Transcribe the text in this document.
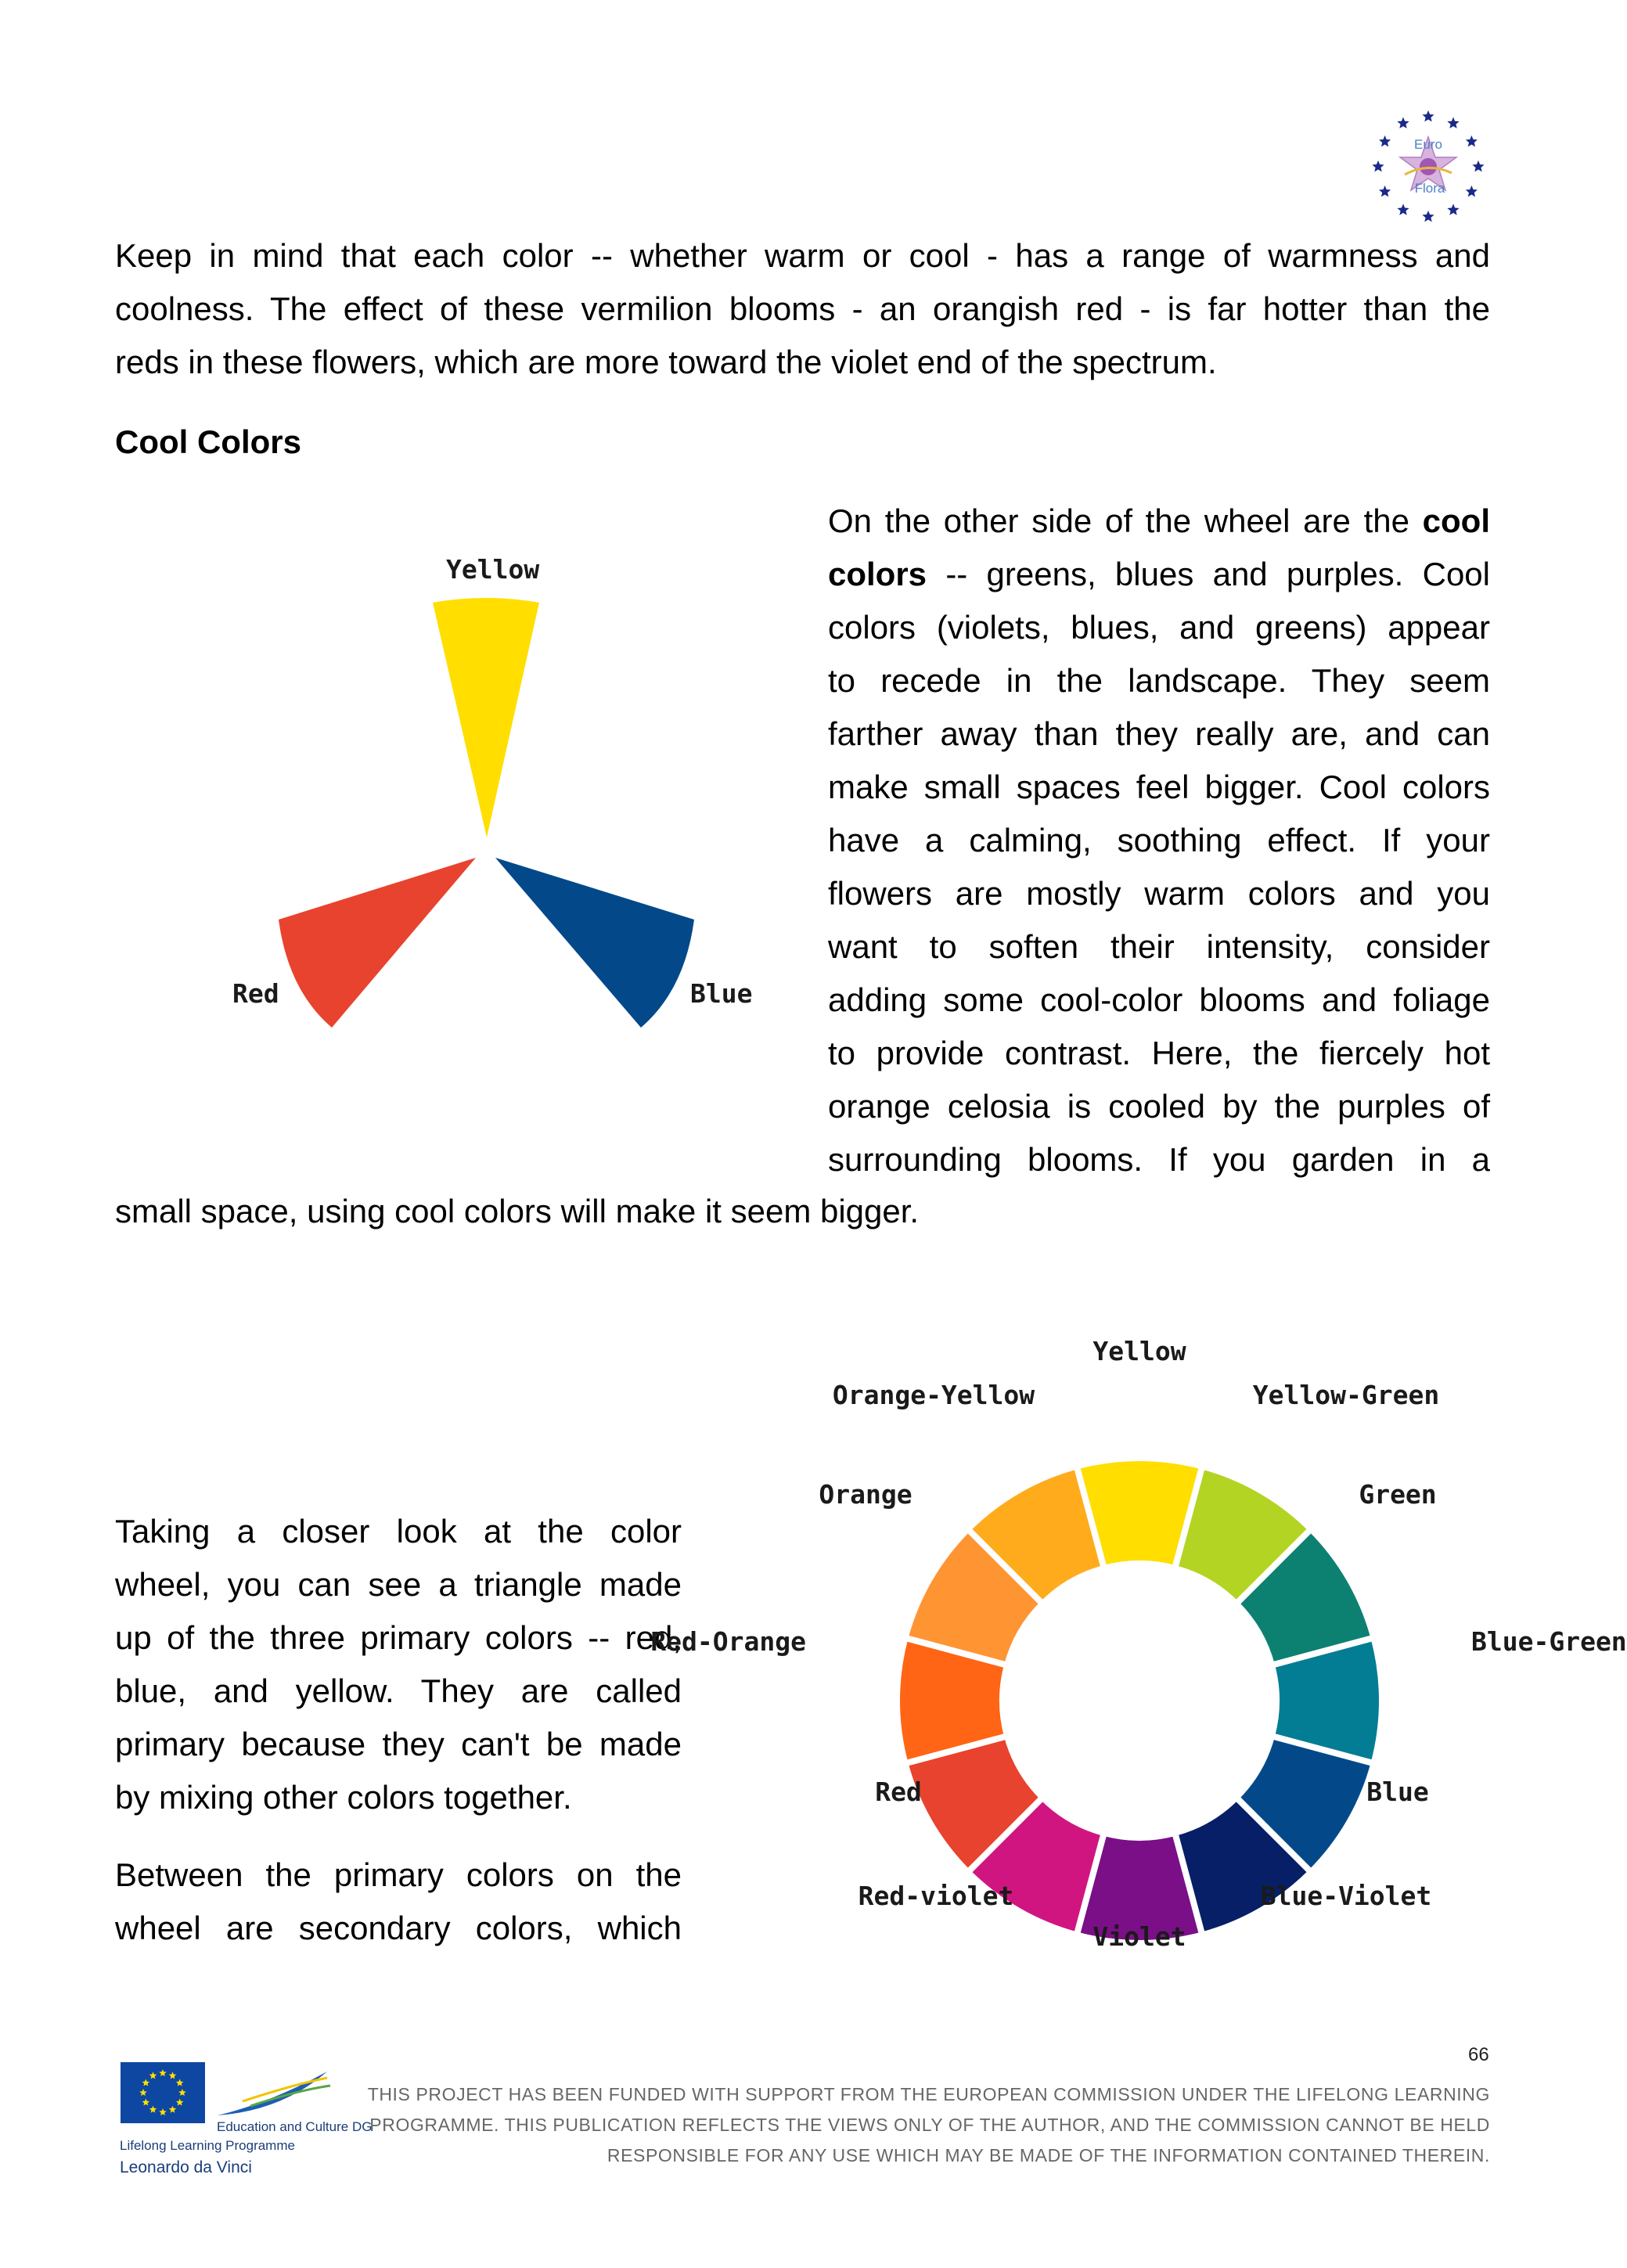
Euro
Flora

Keep in mind that each color -- whether warm or cool - has a range of warmness and

coolness. The effect of these vermilion blooms - an orangish red - is far hotter than the

reds in these flowers, which are more toward the violet end of the spectrum.

Cool Colors
Yellow
Red	Blue

On the other side of the wheel are the cool

colors -- greens, blues and purples. Cool

colors (violets, blues, and greens) appear

to recede in the landscape. They seem

farther away than they really are, and can

make small spaces feel bigger. Cool colors

have a calming, soothing effect. If your

flowers are mostly warm colors and you

want to soften their intensity, consider

adding some cool-color blooms and foliage

to provide contrast. Here, the fiercely hot

orange celosia is cooled by the purples of

surrounding blooms. If you garden in a

small space, using cool colors will make it seem bigger.

Taking a closer look at the color

wheel, you can see a triangle made

up of the three primary colors -- red,

blue, and yellow. They are called

primary because they can't be made

by mixing other colors together.

Between the primary colors on the

wheel are secondary colors, which

Yellow
Yellow-Green
Green
Blue-Green
Blue
Blue-Violet
Violet
Red-violet
Red
Red-Orange
Orange
Orange-Yellow
66
Education and Culture DG
Lifelong Learning Programme
Leonardo da Vinci
THIS PROJECT HAS BEEN FUNDED WITH SUPPORT FROM THE EUROPEAN COMMISSION UNDER THE LIFELONG LEARNING
PROGRAMME. THIS PUBLICATION REFLECTS THE VIEWS ONLY OF THE AUTHOR, AND THE COMMISSION CANNOT BE HELD
RESPONSIBLE FOR ANY USE WHICH MAY BE MADE OF THE INFORMATION CONTAINED THEREIN.
